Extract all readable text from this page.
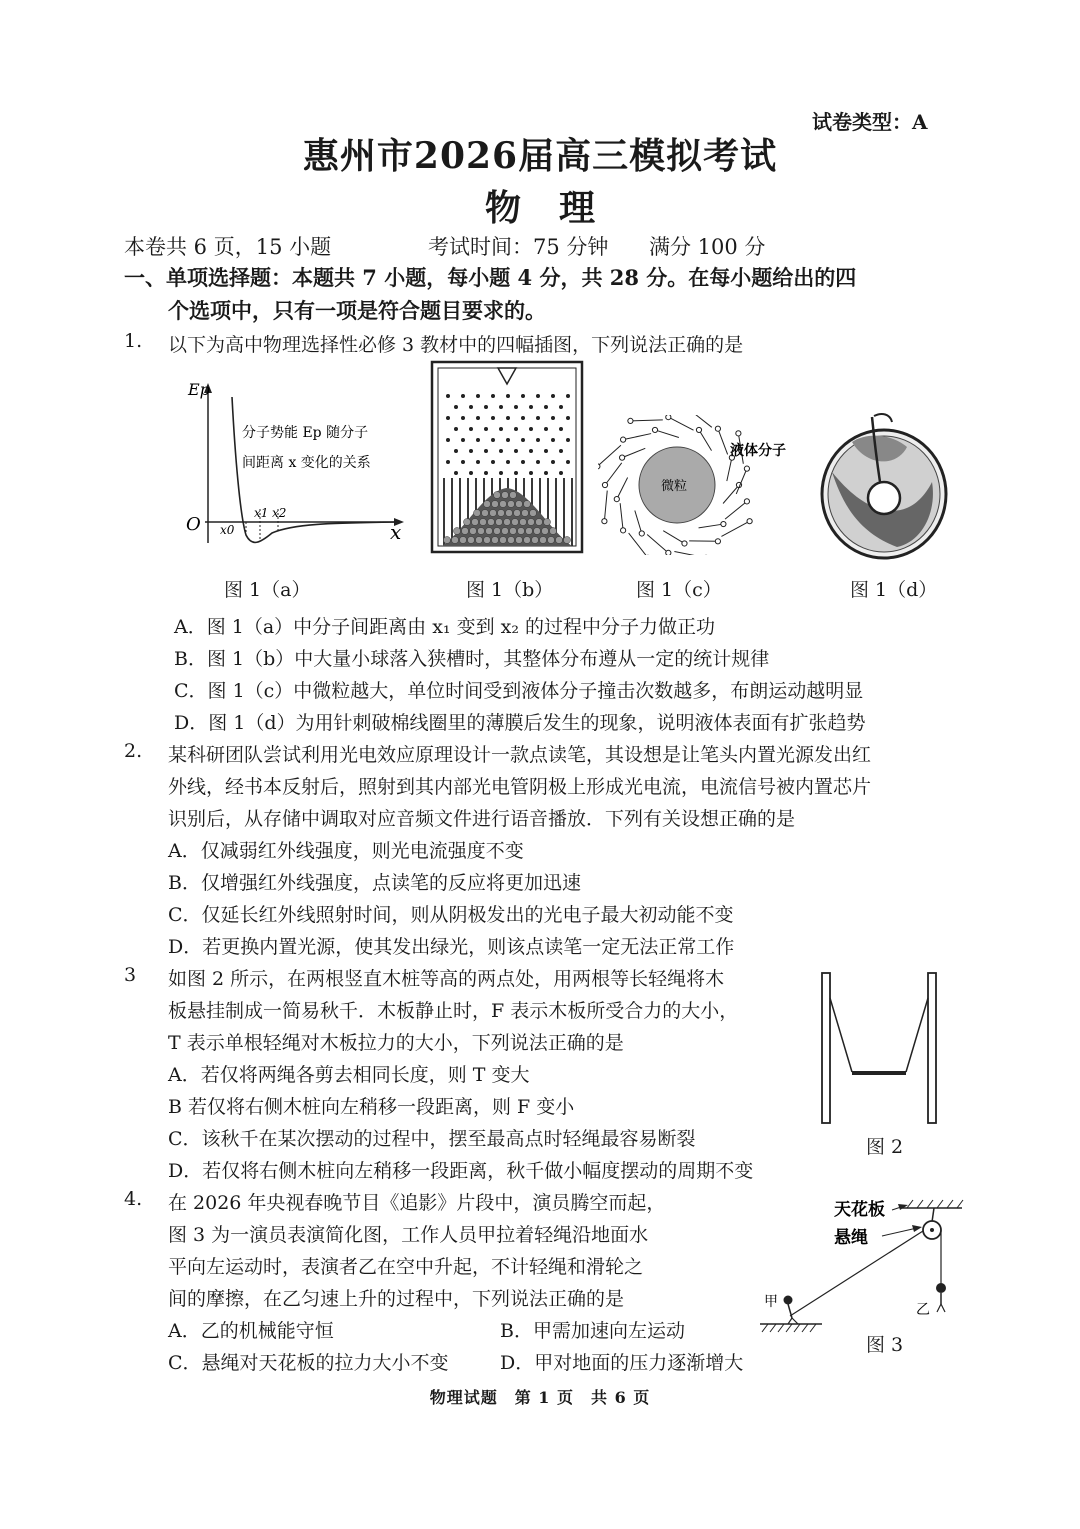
试卷类型：A
惠州市2026届高三模拟考试
物理
本卷共 6 页，15 小题	考试时间：75 分钟 满分 100 分
一、单项选择题：本题共 7 小题，每小题 4 分，共 28 分。在每小题给出的四
个选项中，只有一项是符合题目要求的。
1. 以下为高中物理选择性必修 3 教材中的四幅插图，下列说法正确的是
Ep
O	x
x0
x1 x2
分子势能 Ep 随分子
间距离 x 变化的关系
图 1（a）	图 1（b）
微粒
液体分子
图 1（c）	图 1（d）
A．图 1（a）中分子间距离由 x₁ 变到 x₂ 的过程中分子力做正功
B．图 1（b）中大量小球落入狭槽时，其整体分布遵从一定的统计规律
C．图 1（c）中微粒越大，单位时间受到液体分子撞击次数越多，布朗运动越明显
D．图 1（d）为用针刺破棉线圈里的薄膜后发生的现象，说明液体表面有扩张趋势
2. 某科研团队尝试利用光电效应原理设计一款点读笔，其设想是让笔头内置光源发出红
外线，经书本反射后，照射到其内部光电管阴极上形成光电流，电流信号被内置芯片
识别后，从存储中调取对应音频文件进行语音播放．下列有关设想正确的是
A．仅减弱红外线强度，则光电流强度不变
B．仅增强红外线强度，点读笔的反应将更加迅速
C．仅延长红外线照射时间，则从阴极发出的光电子最大初动能不变
D．若更换内置光源，使其发出绿光，则该点读笔一定无法正常工作
3 如图 2 所示，在两根竖直木桩等高的两点处，用两根等长轻绳将木
板悬挂制成一简易秋千．木板静止时，F 表示木板所受合力的大小，
T 表示单根轻绳对木板拉力的大小，下列说法正确的是
A．若仅将两绳各剪去相同长度，则 T 变大
B 若仅将右侧木桩向左稍移一段距离，则 F 变小
C．该秋千在某次摆动的过程中，摆至最高点时轻绳最容易断裂
D．若仅将右侧木桩向左稍移一段距离，秋千做小幅度摆动的周期不变
图 2
4. 在 2026 年央视春晚节目《追影》片段中，演员腾空而起，
图 3 为一演员表演简化图，工作人员甲拉着轻绳沿地面水
平向左运动时，表演者乙在空中升起，不计轻绳和滑轮之
间的摩擦，在乙匀速上升的过程中，下列说法正确的是
A．乙的机械能守恒	B．甲需加速向左运动
C．悬绳对天花板的拉力大小不变	D．甲对地面的压力逐渐增大
天花板
悬绳
甲	乙
图 3
物理试题　第 1 页　共 6 页
